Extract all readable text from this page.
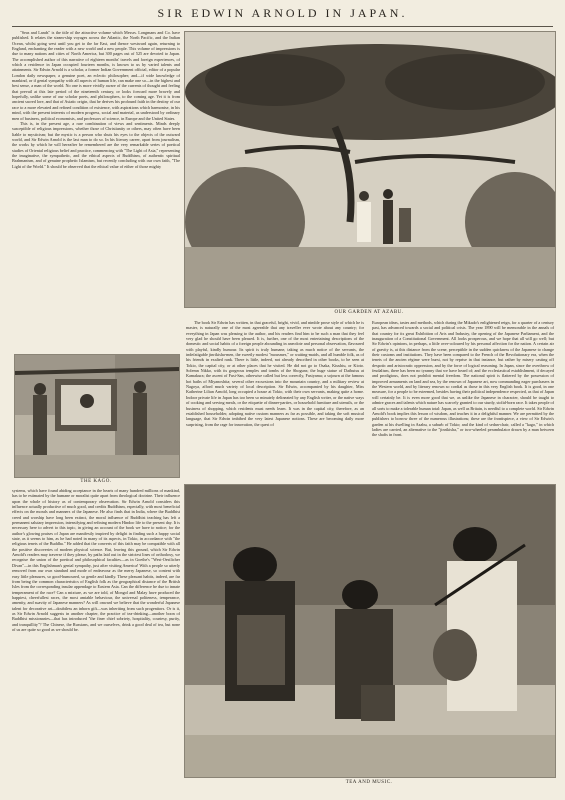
SIR EDWIN ARNOLD IN JAPAN.

"Seas and Lands" is the title of the attractive volume which Messrs. Longmans and Co. have published. It relates the steam-ship voyages across the Atlantic, the North Pacific, and the Indian Ocean, whilst going west until you get to the far East, and thence westward again, returning to England, enchanting the reader with a new world and a new people. This volume of impressions is due to many nations and cities of North America, but 300 pages out of 525 are devoted to Japan. The accomplished author of this narrative of eighteen months' travels and foreign experiences, of which a residence in Japan occupied fourteen months, is known to us by varied talents and attainments. Sir Edwin Arnold is a scholar, a former Indian Government official, editor of a popular London daily newspaper, a genuine poet, an eclectic philosopher; and—if wide knowledge of mankind, or if genial sympathy with all aspects of human life, can make one so—in the highest and best sense, a man of the world. No one is more vividly aware of the currents of thought and feeling that prevail at this late period of the nineteenth century, or looks forward more bravely and hopefully, unlike some of our scholar poets, and philosophers, to the coming age. Yet it is from ancient sacred lore, and that of Asiatic origin, that he derives his profound faith in the destiny of our race to a more elevated and refined condition of existence, with aspirations which harmonise, in his mind, with the present interests of modern progress, social and material, as understood by ordinary men of business, political economists, and professors of science, in Europe and the United States.

This is, in the present age, a rare combination of views and sentiments. Minds deeply susceptible of religious impressions, whether those of Christianity or others, may often have been liable to mysticism; but the mystic is a person who shuts his eyes to the objects of the outward world, and Sir Edwin Arnold is the last man to do so. In his literary career, apart from journalism, the works by which he will hereafter be remembered are the very remarkable series of poetical studies of Oriental religious belief and practice, commencing with "The Light of Asia," representing the imaginative, the sympathetic, and the ethical aspects of Buddhism, of authentic spiritual Brahmanism, and of genuine prophetic Islamism, but recently concluding with our own faith, "The Light of the World." It should be observed that the ethical value of either of those mighty

THE KAGO.

systems, which have found abiding acceptance in the hearts of many hundred millions of mankind, has to be estimated by the humane or moralist quite apart from theological doctrine. Their influence upon the whole of history as of contemporary observation. Sir Edwin Arnold considers this influence actually productive of much good, and credits Buddhism, especially, with most beneficial effects on the morals and manners of the Japanese. He also finds that in India, where the Buddhist creed and worship have long been extinct, the moral influence of Buddhist teaching has left a permanent salutary impression, intensifying and refining modern Hindoo life to the present day. It is necessary here to advert to this topic, in giving an account of the book we have to notice; for the author's glowing praises of Japan are manifestly inspired by delight in finding such a happy social state, as it seems to him, as he had noted in many of its aspects, in Tokio, in accordance with "the religious tenets of the Buddha." He added that the converts of this faith may be compatible with all the positive discoveries of modern physical science. But, leaving this ground, which Sir Edwin Arnold's readers may traverse if they please, by paths laid out in the strictest lines of orthodoxy, we recognise the union of the poetical and philosophical faculties—as in Goethe's "West-Oestlicher Divan"—in this Englishman's genial sympathy, just after visiting America! With a people so utterly removed from our own standard and mode of endeavour as the merry Japanese, so content with easy little pleasures, so good-humoured, so gentle and kindly. These pleasant habits, indeed, are far from being the common characteristics of English folk as the geographical distance of the British Isles from the corresponding insular appendage to Eastern Asia. Can the difference be due to innate temperament of the race? Can a mixture, as we are told, of Mongol and Malay have produced the happiest, cheerfullest races, the most amiable behaviour, the universal politeness, temperance, amenity, and suavity of Japanese manners? As will onward we believe that the wonderful Japanese talent for decorative art—doubtless an inborn gift—was inheriting from such progenitors. Or is it, as Sir Edwin Arnold suggests in another chapter, the practice of tea-drinking—another boon of Buddhist missionaries—that has introduced "the finer chief sobriety, hospitality, courtesy, purity, and tranquillity"? The Chinese, the Russians, and we ourselves, drink a good deal of tea, but none of us are quite so good as we should be.

OUR GARDEN AT AZABU.

The book Sir Edwin has written, in that graceful, bright, vivid, and nimble prose style of which he is master, is naturally one of the most agreeable that any traveller ever wrote about any country; for everything in Japan was pleasing to the author, and his readers find him to be such a man that they feel very glad he should have been pleased. It is, further, one of the most entertaining descriptions of the domestic and social habits of a foreign people abounding in anecdote and personal observation, flavoured with playful, kindly humour. Its spirit is truly humane, taking as much notice of the servants, the indefatigable jinrikisha-men, the sweetly modest "mousmes," or waiting-maids, and all humble folk, as of his friends in exalted rank. There is little, indeed, not already described in other books, to be seen at Tokio, the capital city, or at other places that he visited. He did not go to Osaka, Kiushiu, or Kioto. Solemn Nikko, with its gorgeous temples and tombs of the Shoguns; the huge statue of Daibutsu at Kamakura; the ascent of Fusi-San, otherwise called but less correctly, Fusiyama; a sojourn at the famous hot baths of Miyanoshita; several other excursions into the mountain country, and a military review at Nagoya, afford much variety of local description. Sir Edwin, accompanied by his daughter, Miss Katherine Lilian Arnold, long occupied a house at Tokio, with their own servants, making quite a home. Indoor private life in Japan has too been so minutely delineated by any English writer, or the native ways of cooking and serving meals, or the etiquette of dinner-parties, or household furniture and utensils, or the business of shopping, which residents must needs learn. It was in the capital city, therefore, as an established householder, adopting native custom manners as far as possible, and taking the soft musical language, that Sir Edwin imbibed the very latest Japanese notions. These are becoming daily more surprising, from the rage for innovation, the quest of

European ideas, tastes and methods, which during the Mikado's enlightened reign, for a quarter of a century past, has advanced towards a social and political crisis. The year 1890 will be memorable in the annals of that country for its great Exhibition of Arts and Industry, the opening of the Japanese Parliament, and the inauguration of a Constitutional Government. All looks prosperous, and we hope that all will go well; but Sir Edwin's opinions, in perhaps, a little over-coloured by his personal affection for the nation. A certain air of gravity is, at this distance from the scene, perceptible in the sudden quickness of the Japanese to change their customs and institutions. They have been compared to the French of the Revolutionary era, when the tenets of the ancien régime were burst, not by reprise in that instance, but rather by misery casting off despotic and aristocratic oppression, and by the force of logical reasoning. In Japan, since the overthrow of feudalism, there has been no tyranny that we have heard of; and the ecclesiastical establishment, if decayed and prodigious, does not prohibit mental freedom. The national spirit is flattered by the possession of improved armaments on land and sea, by the renown of Japanese art, now commanding eager purchasers in the Western world, and by literary renown so cordial as those in this very English book. It is good, in one measure, for a people to be esteemed, besides having their political independence respected, as that of Japan will certainly be. It is even more good that we, as unlike the Japanese in character, should be taught to admire graces and talents which nature has scarcely granted to our sturdy, stolid-born race. It takes people of all sorts to make a tolerable human total: Japan, as well as Britain, is needful to a complete world. Sir Edwin Arnold's book implies this lesson of wisdom, and teaches it in a delightful manner. We are permitted by the publishers to borrow three of the numerous illustrations; these are the frontispiece, a view of Sir Edwin's garden at his dwelling in Azabu, a suburb of Tokio; and the kind of sedan-chair, called a "kago," in which ladies are carried, an alternative to the "jinrikisha," or two-wheeled perambulator drawn by a man between the shafts in front.

TEA AND MUSIC.
